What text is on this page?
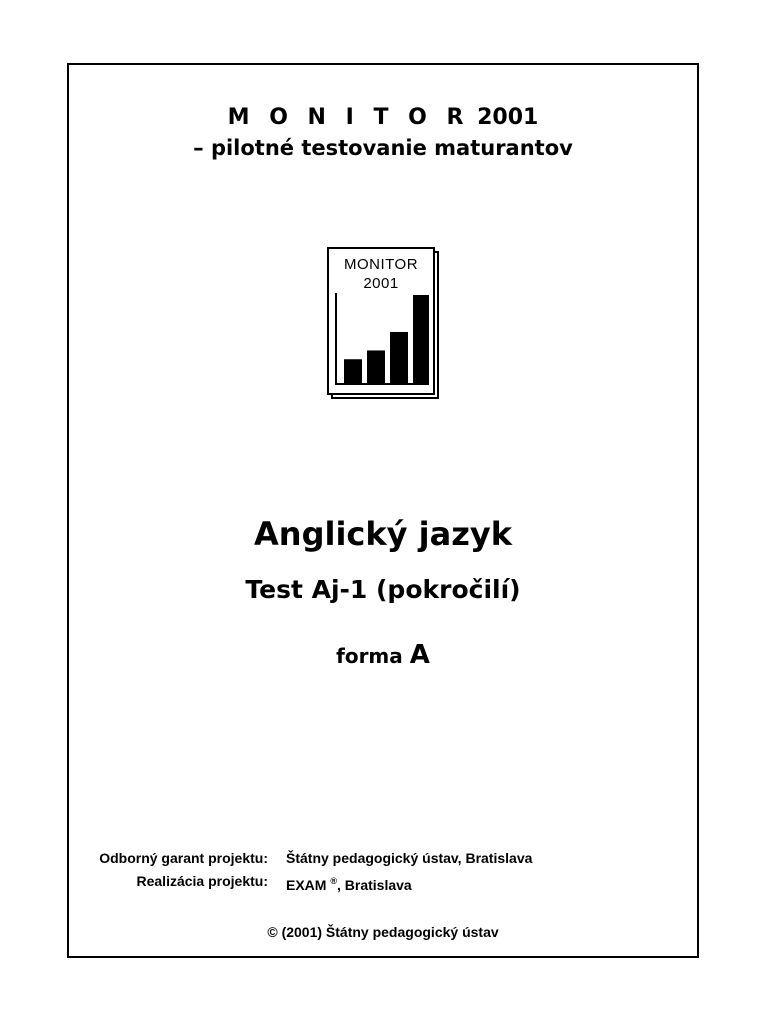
M O N I T O R 2001
– pilotné testovanie maturantov
MONITOR
2001
Anglický jazyk
Test Aj-1 (pokročilí)
forma A
Odborný garant projektu:	Štátny pedagogický ústav, Bratislava
Realizácia projektu:	EXAM ®, Bratislava
© (2001) Štátny pedagogický ústav
